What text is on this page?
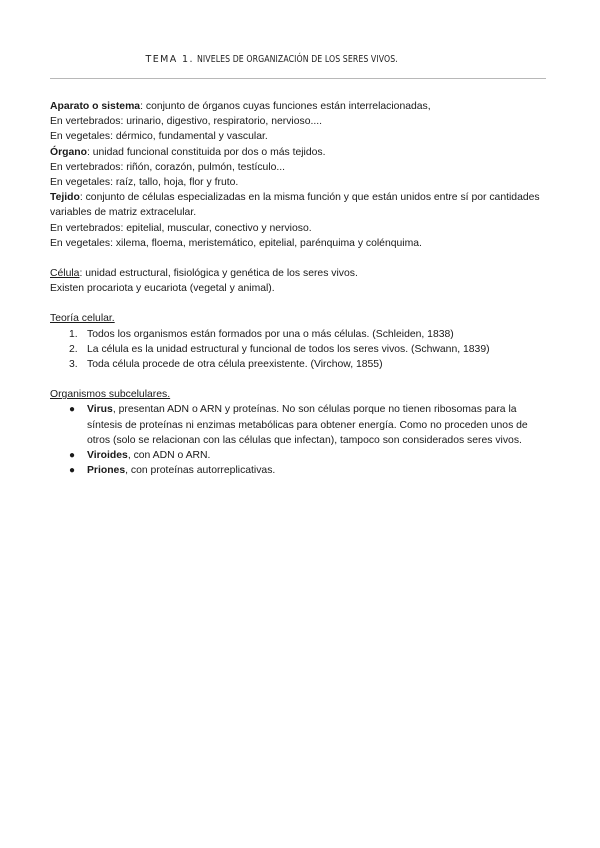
TEMA 1. NIVELES DE ORGANIZACIÓN DE LOS SERES VIVOS.

Aparato o sistema: conjunto de órganos cuyas funciones están interrelacionadas,

En vertebrados: urinario, digestivo, respiratorio, nervioso....

En vegetales: dérmico, fundamental y vascular.

Órgano: unidad funcional constituida por dos o más tejidos.

En vertebrados: riñón, corazón, pulmón, testículo...

En vegetales: raíz, tallo, hoja, flor y fruto.

Tejido: conjunto de células especializadas en la misma función y que están unidos entre sí por cantidades variables de matriz extracelular.

En vertebrados: epitelial, muscular, conectivo y nervioso.

En vegetales: xilema, floema, meristemático, epitelial, parénquima y colénquima.

Célula: unidad estructural, fisiológica y genética de los seres vivos.

Existen procariota y eucariota (vegetal y animal).

Teoría celular.

1. Todos los organismos están formados por una o más células. (Schleiden, 1838)
2. La célula es la unidad estructural y funcional de todos los seres vivos. (Schwann, 1839)
3. Toda célula procede de otra célula preexistente. (Virchow, 1855)

Organismos subcelulares.

● Virus, presentan ADN o ARN y proteínas. No son células porque no tienen ribosomas para la síntesis de proteínas ni enzimas metabólicas para obtener energía. Como no proceden unos de otros (solo se relacionan con las células que infectan), tampoco son considerados seres vivos.
● Viroides, con ADN o ARN.
● Priones, con proteínas autorreplicativas.
